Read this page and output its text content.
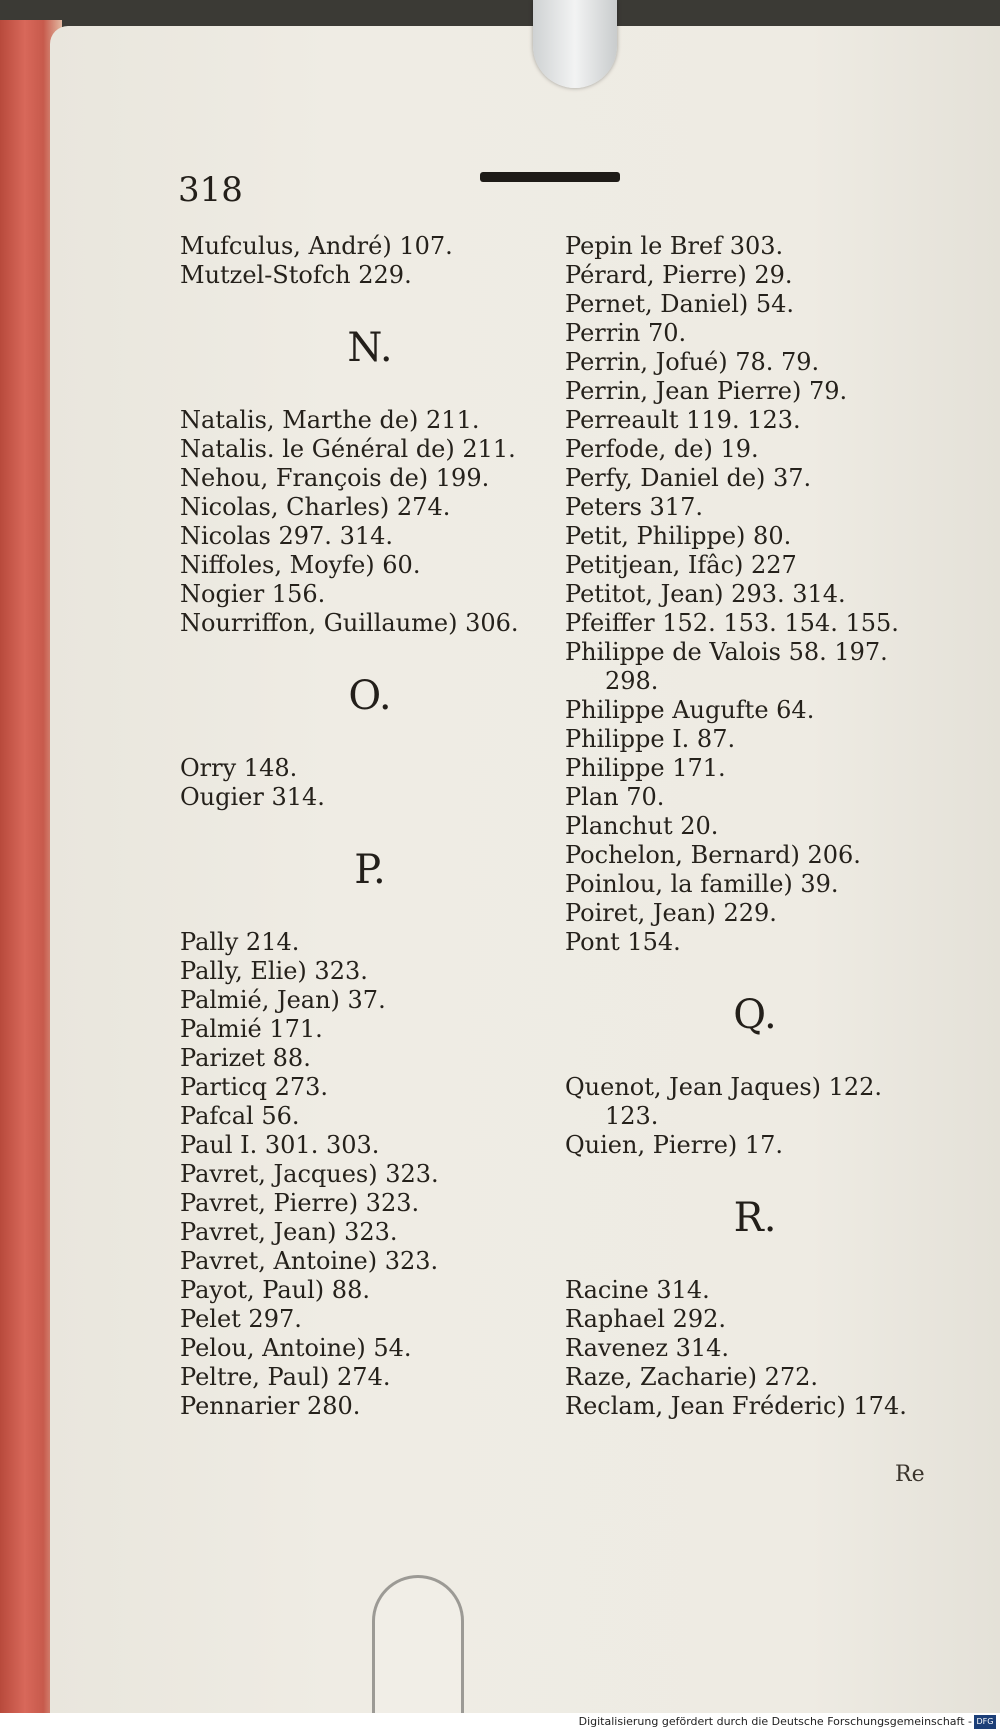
318
Mufculus, André) 107.
Mutzel-Stofch 229.
N.
Natalis, Marthe de) 211.
Natalis. le Général de) 211.
Nehou, François de) 199.
Nicolas, Charles) 274.
Nicolas 297. 314.
Niffoles, Moyfe) 60.
Nogier 156.
Nourriffon, Guillaume) 306.
O.
Orry 148.
Ougier 314.
P.
Pally 214.
Pally, Elie) 323.
Palmié, Jean) 37.
Palmié 171.
Parizet 88.
Particq 273.
Pafcal 56.
Paul I. 301. 303.
Pavret, Jacques) 323.
Pavret, Pierre) 323.
Pavret, Jean) 323.
Pavret, Antoine) 323.
Payot, Paul) 88.
Pelet 297.
Pelou, Antoine) 54.
Peltre, Paul) 274.
Pennarier 280.
Pepin le Bref 303.
Pérard, Pierre) 29.
Pernet, Daniel) 54.
Perrin 70.
Perrin, Jofué) 78. 79.
Perrin, Jean Pierre) 79.
Perreault 119. 123.
Perfode, de) 19.
Perfy, Daniel de) 37.
Peters 317.
Petit, Philippe) 80.
Petitjean, Ifâc) 227
Petitot, Jean) 293. 314.
Pfeiffer 152. 153. 154. 155.
Philippe de Valois 58. 197.
298.
Philippe Augufte 64.
Philippe I. 87.
Philippe 171.
Plan 70.
Planchut 20.
Pochelon, Bernard) 206.
Poinlou, la famille) 39.
Poiret, Jean) 229.
Pont 154.
Q.
Quenot, Jean Jaques) 122.
123.
Quien, Pierre) 17.
R.
Racine 314.
Raphael 292.
Ravenez 314.
Raze, Zacharie) 272.
Reclam, Jean Fréderic) 174.
Re
Digitalisierung gefördert durch die Deutsche Forschungsgemeinschaft - DFG
